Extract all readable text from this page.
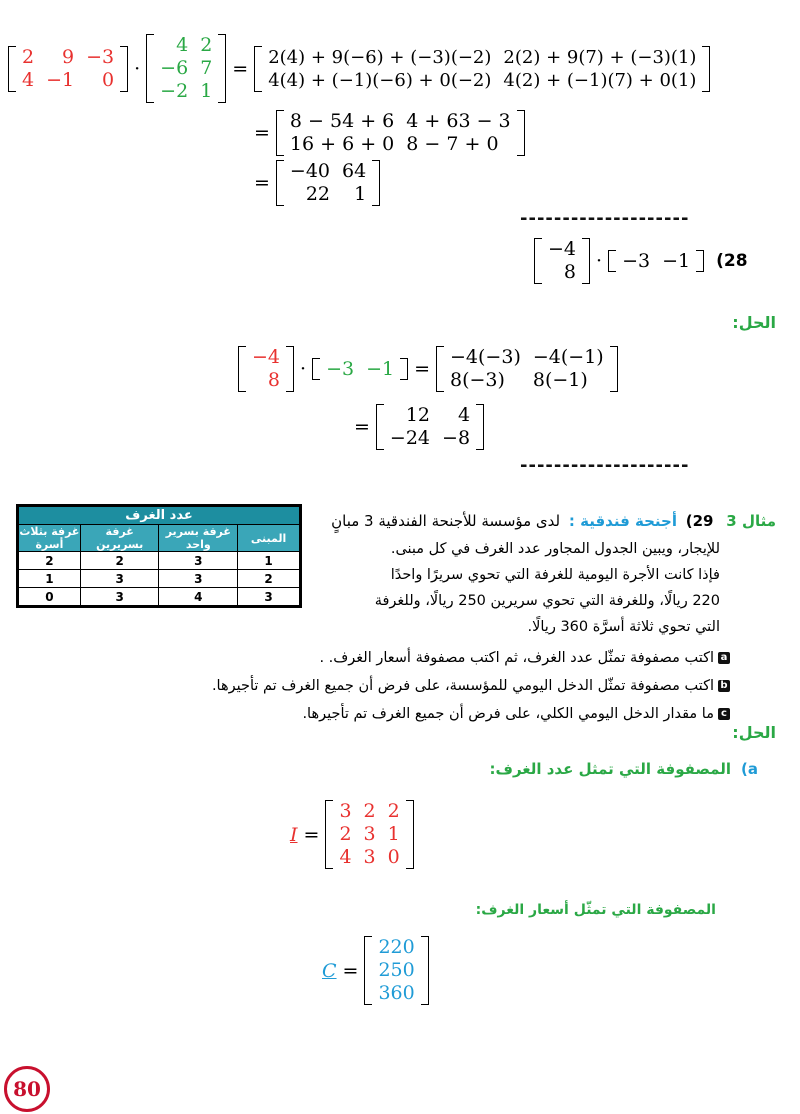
2	9	−3
4	−1	0	·
4	2
−6	7
−2	1
=
2(4) + 9(−6) + (−3)(−2)	2(2) + 9(7) + (−3)(1)
4(4) + (−1)(−6) + 0(−2)	4(2) + (−1)(7) + 0(1)
=
8 − 54 + 6	4 + 63 − 3
16 + 6 + 0	8 − 7 + 0
=
−40	64
22	1
--------------------
−4
8	·	−3	−1 (28
الحل:
−4
8	·	−3	−1	=
−4(−3)	−4(−1)
8(−3)	8(−1)
=
12	4
−24	−8
--------------------
عدد الغرف			
غرفة بثلاث أسرة	غرفة بسريرين	غرفة بسرير واحد	المبنى
2	2	3	1
1	3	3	2
0	3	4	3
مثال 3 29) أجنحة فندقية : لدى مؤسسة للأجنحة الفندقية 3 مبانٍ
للإيجار، ويبين الجدول المجاور عدد الغرف في كل مبنى.
فإذا كانت الأجرة اليومية للغرفة التي تحوي سريرًا واحدًا
220 ريالًا، وللغرفة التي تحوي سريرين 250 ريالًا، وللغرفة
التي تحوي ثلاثة أسرَّة 360 ريالًا.
aاكتب مصفوفة تمثّل عدد الغرف، ثم اكتب مصفوفة أسعار الغرف. .
bاكتب مصفوفة تمثّل الدخل اليومي للمؤسسة، على فرض أن جميع الغرف تم تأجيرها.
cما مقدار الدخل اليومي الكلي، على فرض أن جميع الغرف تم تأجيرها.
الحل:
a)المصفوفة التي تمثل عدد الغرف:
I =
3	2	2
2	3	1
4	3	0
المصفوفة التي تمثّل أسعار الغرف:
C =
220
250
360
80
